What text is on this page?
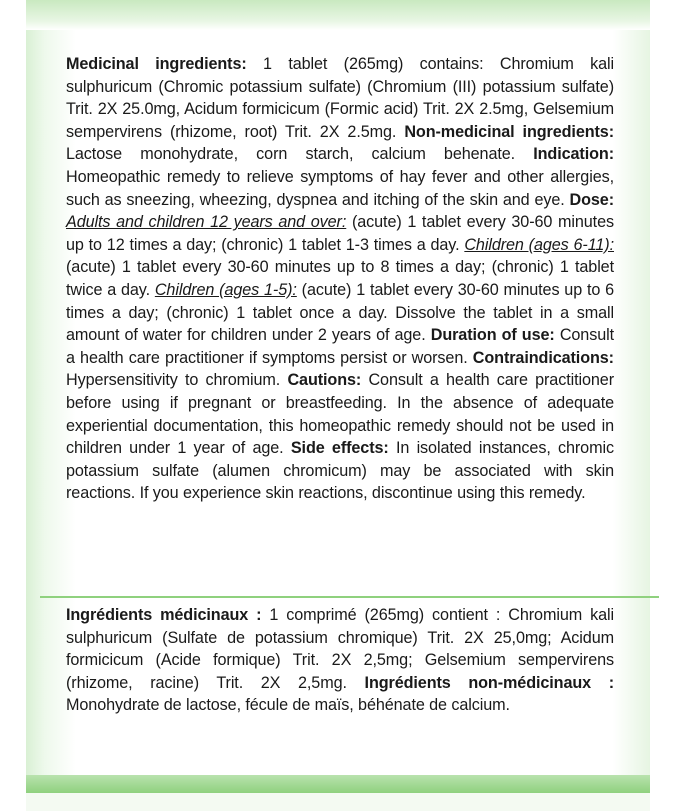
Medicinal ingredients: 1 tablet (265mg) contains: Chromium kali sulphuricum (Chromic potassium sulfate) (Chromium (III) potassium sulfate) Trit. 2X 25.0mg, Acidum formicicum (Formic acid) Trit. 2X 2.5mg, Gelsemium sempervirens (rhizome, root) Trit. 2X 2.5mg. Non-medicinal ingredients: Lactose monohydrate, corn starch, calcium behenate. Indication: Homeopathic remedy to relieve symptoms of hay fever and other allergies, such as sneezing, wheezing, dyspnea and itching of the skin and eye. Dose: Adults and children 12 years and over: (acute) 1 tablet every 30-60 minutes up to 12 times a day; (chronic) 1 tablet 1-3 times a day. Children (ages 6-11): (acute) 1 tablet every 30-60 minutes up to 8 times a day; (chronic) 1 tablet twice a day. Children (ages 1-5): (acute) 1 tablet every 30-60 minutes up to 6 times a day; (chronic) 1 tablet once a day. Dissolve the tablet in a small amount of water for children under 2 years of age. Duration of use: Consult a health care practitioner if symptoms persist or worsen. Contraindications: Hypersensitivity to chromium. Cautions: Consult a health care practitioner before using if pregnant or breastfeeding. In the absence of adequate experiential documentation, this homeopathic remedy should not be used in children under 1 year of age. Side effects: In isolated instances, chromic potassium sulfate (alumen chromicum) may be associated with skin reactions. If you experience skin reactions, discontinue using this remedy.
Ingrédients médicinaux : 1 comprimé (265mg) contient : Chromium kali sulphuricum (Sulfate de potassium chromique) Trit. 2X 25,0mg; Acidum formicicum (Acide formique) Trit. 2X 2,5mg; Gelsemium sempervirens (rhizome, racine) Trit. 2X 2,5mg. Ingrédients non-médicinaux : Monohydrate de lactose, fécule de maïs, béhénate de calcium.
